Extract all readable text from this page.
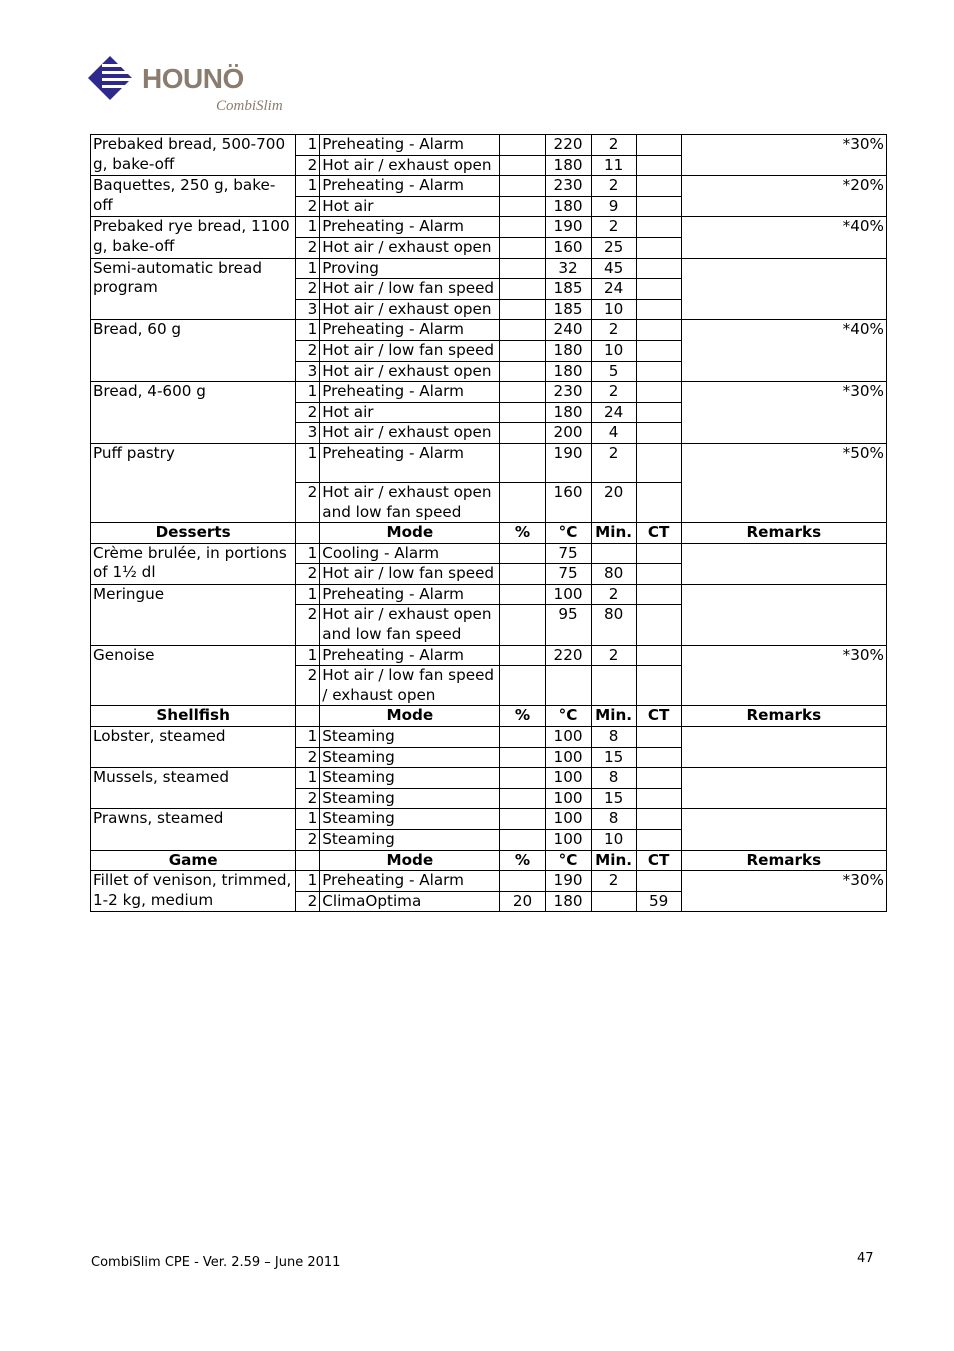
HOUNÖ
CombiSlim
Prebaked bread, 500-700 g, bake-off	1	Preheating - Alarm		220	2		*30%
	2	Hot air / exhaust open		180	11		
Baquettes, 250 g, bake-off	1	Preheating - Alarm		230	2		*20%
	2	Hot air		180	9		
Prebaked rye bread, 1100 g, bake-off	1	Preheating - Alarm		190	2		*40%
	2	Hot air / exhaust open		160	25		
Semi-automatic bread program	1	Proving		32	45		
	2	Hot air / low fan speed		185	24		
	3	Hot air / exhaust open		185	10		
Bread, 60 g	1	Preheating - Alarm		240	2		*40%
	2	Hot air / low fan speed		180	10		
	3	Hot air / exhaust open		180	5		
Bread, 4-600 g	1	Preheating - Alarm		230	2		*30%
	2	Hot air		180	24		
	3	Hot air / exhaust open		200	4		
Puff pastry	1	Preheating - Alarm		190	2		*50%
	2	Hot air / exhaust open and low fan speed		160	20		
Desserts		Mode	%	°C	Min.	CT	Remarks
Crème brulée, in portions of 1½ dl	1	Cooling - Alarm		75			
	2	Hot air / low fan speed		75	80		
Meringue	1	Preheating - Alarm		100	2		
	2	Hot air / exhaust open and low fan speed		95	80		
Genoise	1	Preheating - Alarm		220	2		*30%
	2	Hot air / low fan speed / exhaust open					
Shellfish		Mode	%	°C	Min.	CT	Remarks
Lobster, steamed	1	Steaming		100	8		
	2	Steaming		100	15		
Mussels, steamed	1	Steaming		100	8		
	2	Steaming		100	15		
Prawns, steamed	1	Steaming		100	8		
	2	Steaming		100	10		
Game		Mode	%	°C	Min.	CT	Remarks
Fillet of venison, trimmed, 1-2 kg, medium	1	Preheating - Alarm		190	2		*30%
	2	ClimaOptima	20	180		59	
CombiSlim CPE - Ver. 2.59 – June 2011	47
